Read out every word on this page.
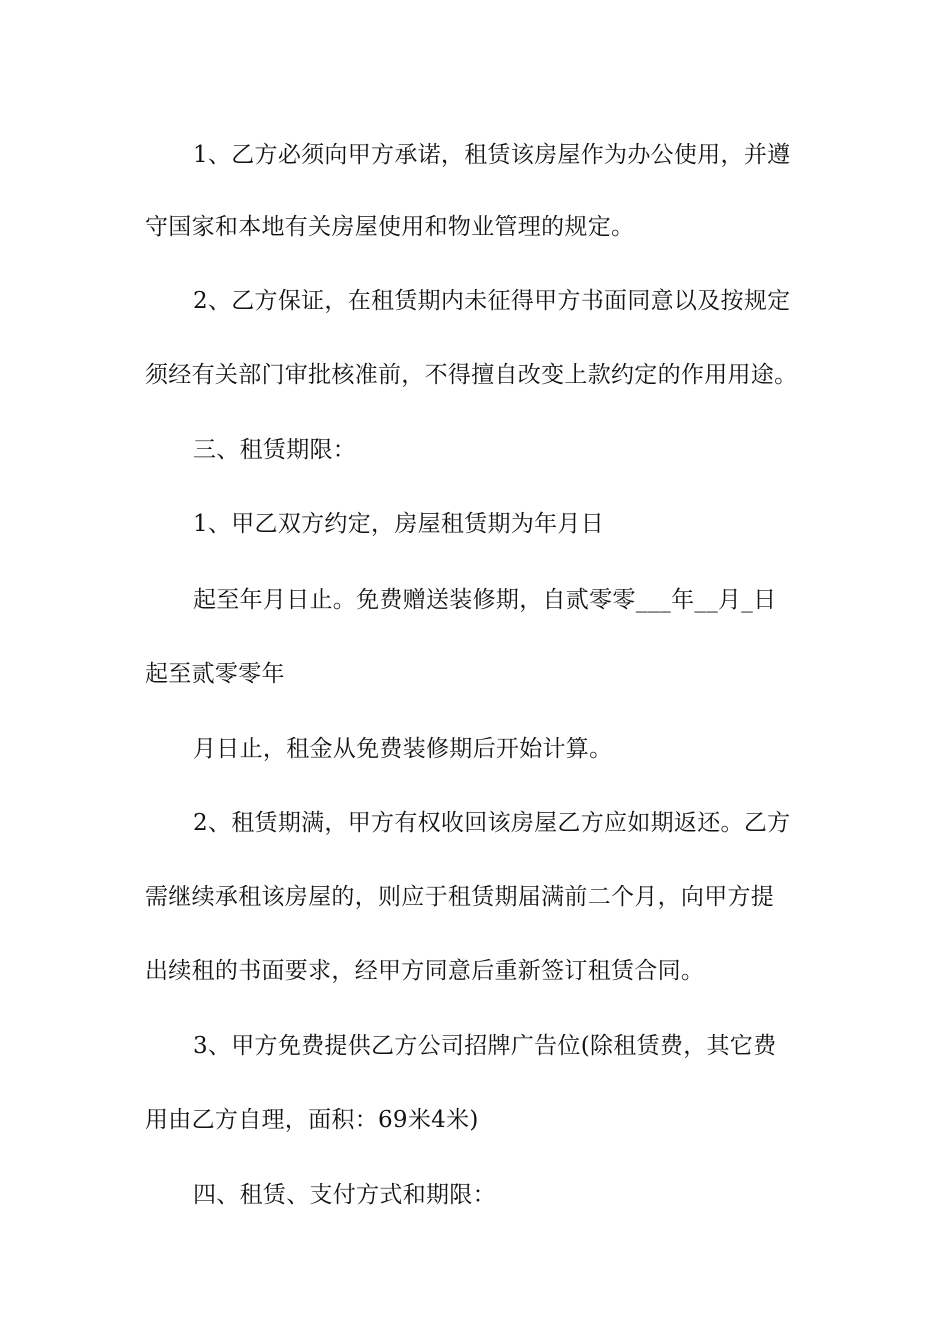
1、乙方必须向甲方承诺，租赁该房屋作为办公使用，并遵
守国家和本地有关房屋使用和物业管理的规定。
2、乙方保证，在租赁期内未征得甲方书面同意以及按规定
须经有关部门审批核准前，不得擅自改变上款约定的作用用途。
三、租赁期限：
1、甲乙双方约定，房屋租赁期为年月日
起至年月日止。免费赠送装修期，自贰零零___年__月_日
起至贰零零年
月日止，租金从免费装修期后开始计算。
2、租赁期满，甲方有权收回该房屋乙方应如期返还。乙方
需继续承租该房屋的，则应于租赁期届满前二个月，向甲方提
出续租的书面要求，经甲方同意后重新签订租赁合同。
3、甲方免费提供乙方公司招牌广告位(除租赁费，其它费
用由乙方自理，面积：69米4米)
四、租赁、支付方式和期限：
